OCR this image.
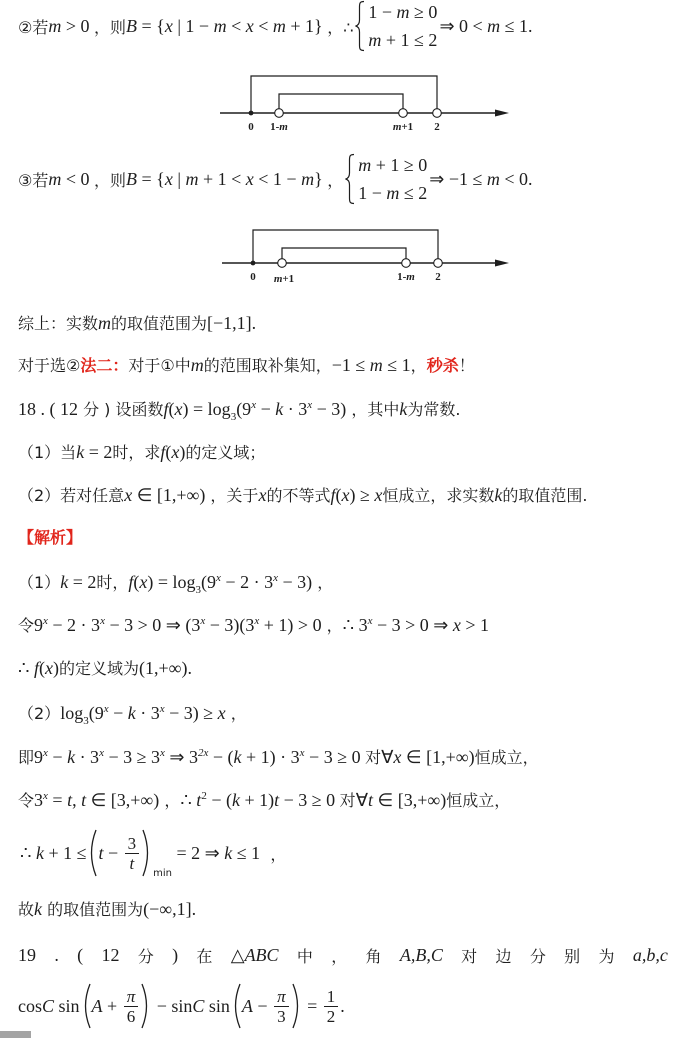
②若 m > 0 ，则 B = { x | 1 − m < x < m + 1} ，∴
1 − m ≥ 0
m + 1 ≤ 2
⇒ 0 < m ≤ 1.
0 1-m	m+1 2
③若 m < 0 ，则 B = { x | m + 1 < x < 1 − m } ，
m + 1 ≥ 0
1 − m ≤ 2
⇒ −1 ≤ m < 0.
0 m+1	1-m 2
综上：实数m的取值范围为[−1,1].
对于选②法二：对于①中m的范围取补集知，−1 ≤ m ≤ 1，秒杀！
18 . ( 12 分 ) 设函数$f(x) = \log_3(9^x - k \cdot 3^x - 3)$ ，其中k为常数.
（1）当k = 2时，求f(x)的定义域；
（2）若对任意x ∈ [1,+∞) ，关于x的不等式f(x) ≥ x恒成立，求实数k的取值范围.
【解析】
（1）k = 2时，$f(x) = \log_3(9^x - 2 \cdot 3^x - 3)$ ，
令$9^x - 2 \cdot 3^x - 3 > 0$ ⇒ $(3^x - 3)(3^x + 1) > 0$ ，∴ $3^x - 3 > 0$ ⇒ x > 1
∴ f(x)的定义域为(1,+∞).
$(2)\log_3(9^x - k \cdot 3^x - 3) \ge x$ ，
即$9^x - k \cdot 3^x - 3 \ge 3^x$ ⇒ $3^{2x} - (k + 1) \cdot 3^x - 3 \ge 0$ 对∀x ∈ [1,+∞)恒成立，
令$3^x = t$, t ∈ [3,+∞) ，∴ $t^2 - (k + 1)t - 3 \ge 0$ 对∀t ∈ [3,+∞)恒成立，
∴ $k + 1 \le t - \frac{3}{t}$
min
= 2 ⇒ k ≤ 1 ，
故k 的取值范围为(−∞,1].
19 . ( 12 分 ) 在 △ABC 中 ， 角 A,B,C 对 边 分 别 为 a,b,c
cos C $\sin A + \frac{\pi}{6} - \sin C$ $\sin A - \frac{\pi}{3} = \frac{1}{2}$ .
